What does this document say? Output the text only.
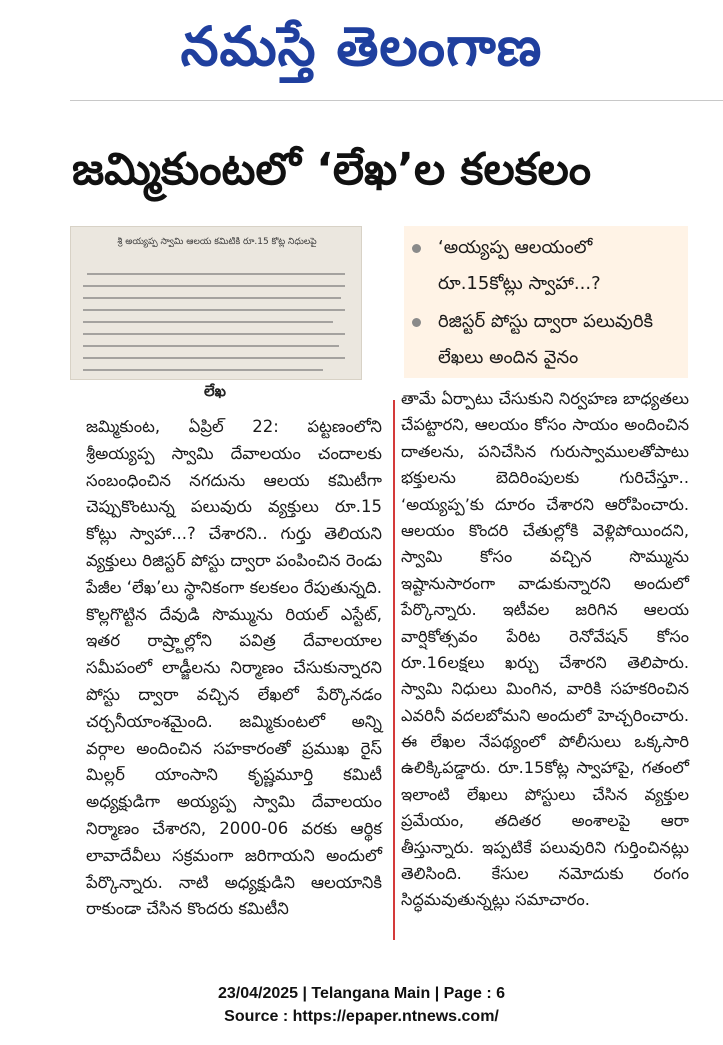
నమస్తే తెలంగాణ
జమ్మికుంటలో ‘లేఖ’ల కలకలం
శ్రీ అయ్యప్ప స్వామి ఆలయ కమిటీకి రూ.15 కోట్ల నిధులపై
లేఖ
‘అయ్యప్ప ఆలయంలో రూ.15కోట్లు స్వాహా...?
రిజిస్టర్ పోస్టు ద్వారా పలువురికి లేఖలు అందిన వైనం
జమ్మికుంట, ఏప్రిల్ 22: పట్టణంలోని శ్రీఅయ్యప్ప స్వామి దేవాలయం చందాలకు సంబంధించిన నగదును ఆలయ కమిటీగా చెప్పుకొంటున్న పలువురు వ్యక్తులు రూ.15 కోట్లు స్వాహా...? చేశారని.. గుర్తు తెలియని వ్యక్తులు రిజిస్టర్ పోస్టు ద్వారా పంపించిన రెండు పేజీల ‘లేఖ’లు స్థానికంగా కలకలం రేపుతున్నది. కొల్లగొట్టిన దేవుడి సొమ్మును రియల్ ఎస్టేట్, ఇతర రాష్ర్టాల్లోని పవిత్ర దేవాలయాల సమీపంలో లాడ్జీలను నిర్మాణం చేసుకున్నారని పోస్టు ద్వారా వచ్చిన లేఖలో పేర్కొనడం చర్చనీయాంశమైంది. జమ్మికుంటలో అన్ని వర్గాల అందించిన సహకారంతో ప్రముఖ రైస్ మిల్లర్ యాంసాని కృష్ణమూర్తి కమిటీ అధ్యక్షుడిగా అయ్యప్ప స్వామి దేవాలయం నిర్మాణం చేశారని, 2000-06 వరకు ఆర్థిక లావాదేవీలు సక్రమంగా జరిగాయని అందులో పేర్కొన్నారు. నాటి అధ్యక్షుడిని ఆలయానికి రాకుండా చేసిన కొందరు కమిటీని
తామే ఏర్పాటు చేసుకుని నిర్వహణ బాధ్యతలు చేపట్టారని, ఆలయం కోసం సాయం అందించిన దాతలను, పనిచేసిన గురుస్వాములతోపాటు భక్తులను బెదిరింపులకు గురిచేస్తూ.. ‘అయ్యప్ప’కు దూరం చేశారని ఆరోపించారు. ఆలయం కొందరి చేతుల్లోకి వెళ్లిపోయిందని, స్వామి కోసం వచ్చిన సొమ్మును ఇష్టానుసారంగా వాడుకున్నారని అందులో పేర్కొన్నారు. ఇటీవల జరిగిన ఆలయ వార్షికోత్సవం పేరిట రెనోవేషన్ కోసం రూ.16లక్షలు ఖర్చు చేశారని తెలిపారు. స్వామి నిధులు మింగిన, వారికి సహకరించిన ఎవరినీ వదలబోమని అందులో హెచ్చరించారు. ఈ లేఖల నేపథ్యంలో పోలీసులు ఒక్కసారి ఉలిక్కిపడ్డారు. రూ.15కోట్ల స్వాహాపై, గతంలో ఇలాంటి లేఖలు పోస్టులు చేసిన వ్యక్తుల ప్రమేయం, తదితర అంశాలపై ఆరా తీస్తున్నారు. ఇప్పటికే పలువురిని గుర్తించినట్లు తెలిసింది. కేసుల నమోదుకు రంగం సిద్ధమవుతున్నట్లు సమాచారం.
23/04/2025 | Telangana Main | Page : 6
Source : https://epaper.ntnews.com/
